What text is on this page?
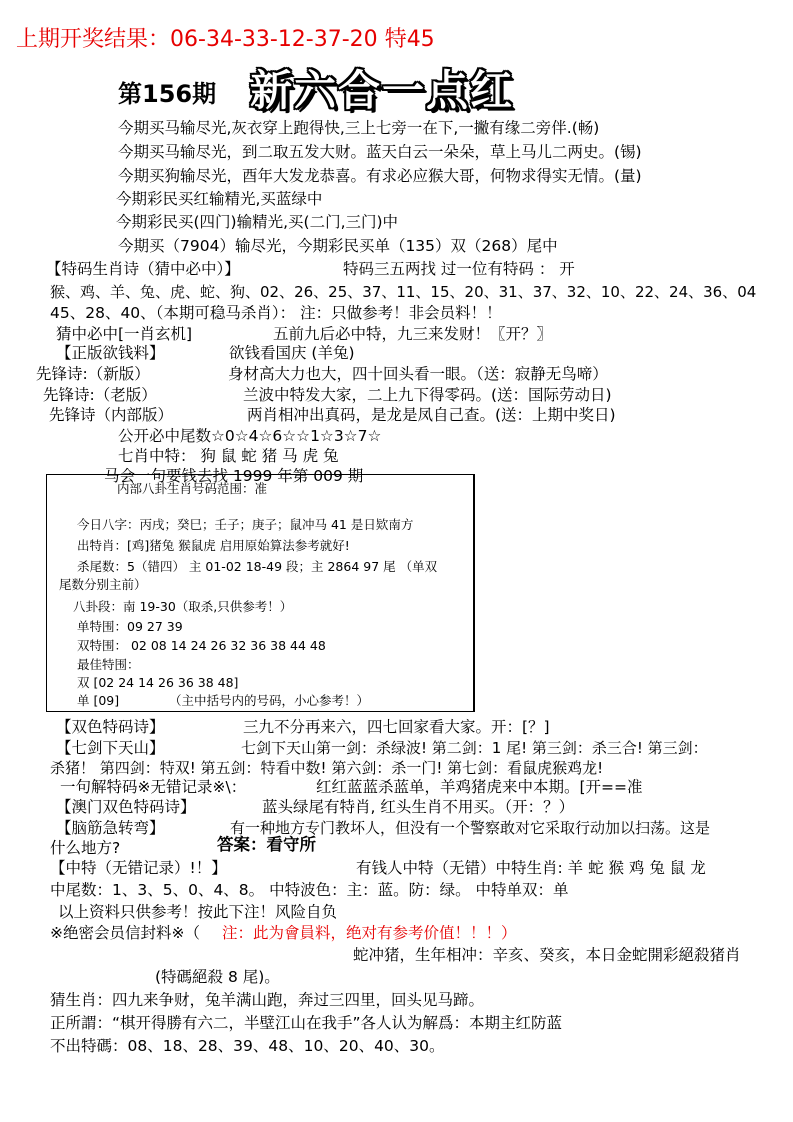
上期开奖结果：06-34-33-12-37-20 特45
第156期 新六合一点红
今期买马输尽光,灰衣穿上跑得快,三上七旁一在下,一撇有缘二旁伴.(畅)
今期买马输尽光，到二取五发大财。蓝天白云一朵朵，草上马儿二两史。(锡)
今期买狗输尽光，酉年大发龙恭喜。有求必应猴大哥，何物求得实无情。(量)
今期彩民买红输精光,买蓝绿中
今期彩民买(四门)输精光,买(二门,三门)中
今期买（7904）输尽光，今期彩民买单（135）双（268）尾中
【特码生肖诗（猜中必中）】	特码三五两找 过一位有特码 ： 开
猴、鸡、羊、兔、虎、蛇、狗、02、26、25、37、11、15、20、31、37、32、10、22、24、36、04
45、28、40、（本期可稳马杀肖）： 注：只做参考！非会员料！！
猜中必中[一肖玄机]	五前九后必中特，九三来发财！〖开？〗
【正版欲钱料】	欲钱看国庆 (羊兔)
先锋诗:（新版）	身材高大力也大，四十回头看一眼。（送：寂静无鸟啼）
先锋诗:（老版）	兰波中特发大家，二上九下得零码。(送：国际劳动日)
先锋诗（内部版）	两肖相冲出真码，是龙是凤自己查。(送：上期中奖日)
公开必中尾数☆0☆4☆6☆☆1☆3☆7☆
七肖中特： 狗 鼠 蛇 猪 马 虎 兔
马会一句要钱去找 1999 年第 009 期
内部八卦生肖号码范围：准
今日八字：丙戌；癸巳；壬子；庚子；鼠冲马 41 是日欵南方
出特肖：[鸡]猪兔 猴鼠虎 启用原始算法参考就好!
杀尾数：5（错四） 主 01-02 18-49 段；主 2864 97 尾 （单双
尾数分别主前）
八卦段：南 19-30（取杀,只供参考！）
单特围：09 27 39
双特围： 02 08 14 24 26 32 36 38 44 48
最佳特围：
双 [02 24 14 26 36 38 48]
单 [09]	（主中括号内的号码，小心参考！）
【双色特码诗】	三九不分再来六，四七回家看大家。开：[？]
【七剑下天山】	七剑下天山第一剑：杀绿波! 第二剑：1 尾! 第三剑：杀三合! 第三剑：
杀猪！ 第四剑：特双! 第五剑：特看中数! 第六剑：杀一门! 第七剑：看鼠虎猴鸡龙!
一句解特码※无错记录※\：	红红蓝蓝杀蓝单，羊鸡猪虎来中本期。[开==准
【澳门双色特码诗】	蓝头绿尾有特肖, 红头生肖不用买。（开：？）
【脑筋急转弯】	有一种地方专门教坏人，但没有一个警察敢对它采取行动加以扫荡。这是
什么地方?	答案：看守所
【中特（无错记录）!！】	有钱人中特（无错）中特生肖: 羊 蛇 猴 鸡 兔 鼠 龙
中尾数：1、3、5、0、4、8。 中特波色：主：蓝。防：绿。 中特单双：单
以上资料只供参考！按此下注！风险自负
※绝密会员信封料※（ 注：此为會員料，绝对有参考价值！！！）
蛇冲猪，生年相冲：辛亥、癸亥，本日金蛇開彩絕殺猪肖
(特碼絕殺 8 尾)。
猜生肖：四九来争财，兔羊满山跑，奔过三四里，回头见马蹄。
正所謂：“棋开得勝有六二，半壁江山在我手”各人认为解爲：本期主红防蓝
不出特碼：08、18、28、39、48、10、20、40、30。
